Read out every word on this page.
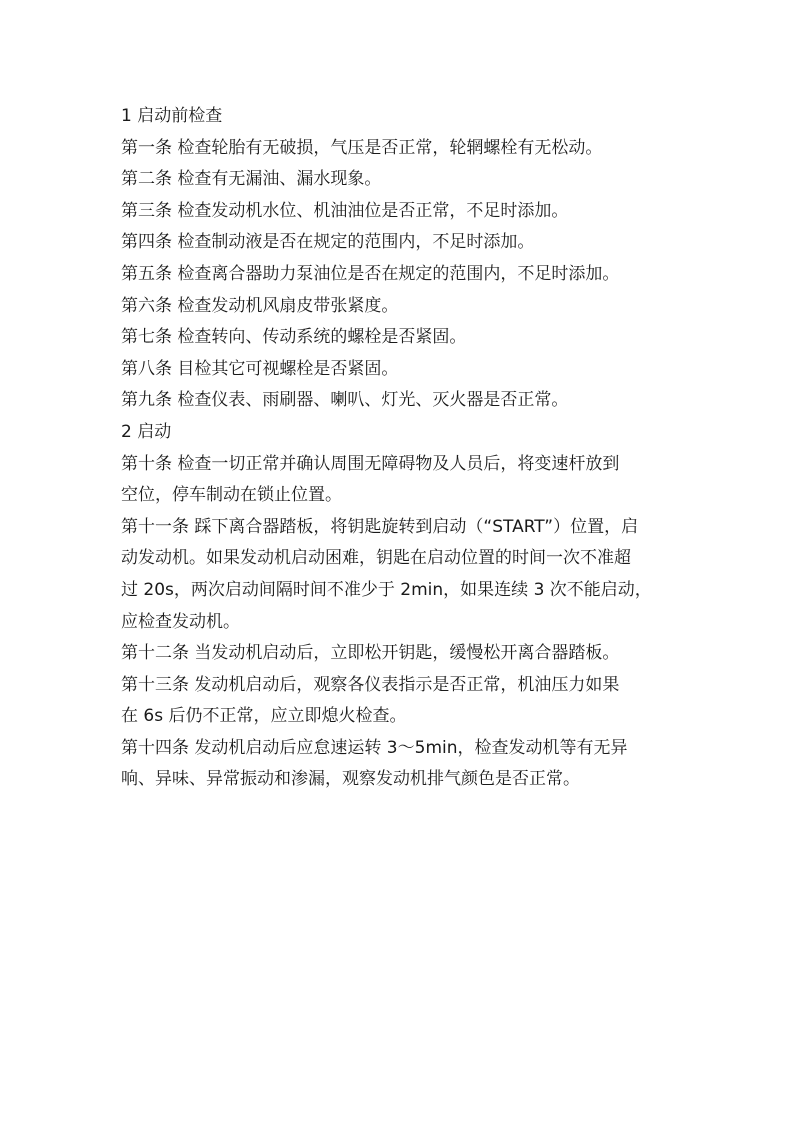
1 启动前检查

第一条 检查轮胎有无破损，气压是否正常，轮辋螺栓有无松动。

第二条 检查有无漏油、漏水现象。

第三条 检查发动机水位、机油油位是否正常，不足时添加。

第四条 检查制动液是否在规定的范围内，不足时添加。

第五条 检查离合器助力泵油位是否在规定的范围内，不足时添加。

第六条 检查发动机风扇皮带张紧度。

第七条 检查转向、传动系统的螺栓是否紧固。

第八条 目检其它可视螺栓是否紧固。

第九条 检查仪表、雨刷器、喇叭、灯光、灭火器是否正常。

2 启动

第十条 检查一切正常并确认周围无障碍物及人员后，将变速杆放到

空位，停车制动在锁止位置。

第十一条 踩下离合器踏板，将钥匙旋转到启动（“START”）位置，启

动发动机。如果发动机启动困难，钥匙在启动位置的时间一次不准超

过 20s，两次启动间隔时间不准少于 2min，如果连续 3 次不能启动，

应检查发动机。

第十二条 当发动机启动后，立即松开钥匙，缓慢松开离合器踏板。

第十三条 发动机启动后，观察各仪表指示是否正常，机油压力如果

在 6s 后仍不正常，应立即熄火检查。

第十四条 发动机启动后应怠速运转 3～5min，检查发动机等有无异

响、异味、异常振动和渗漏，观察发动机排气颜色是否正常。
